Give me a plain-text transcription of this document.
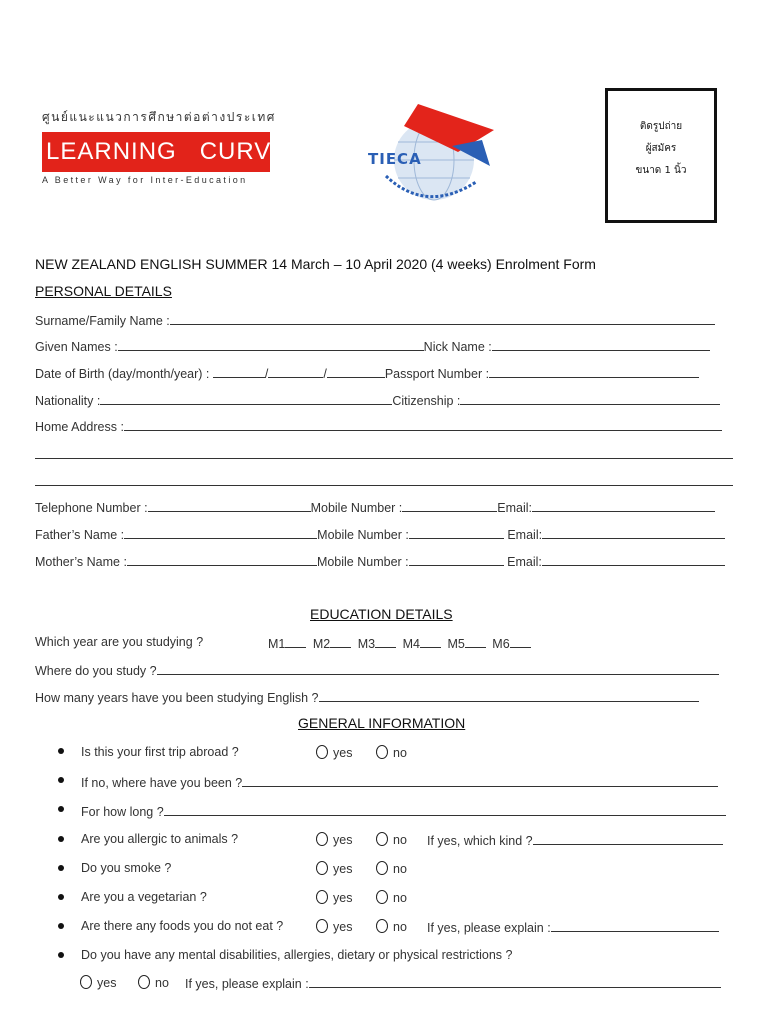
ศูนย์แนะแนวการศึกษาต่อต่างประเทศ
LEARNING   CURVE
A Better Way for Inter-Education
TIECA
ติดรูปถ่าย
ผู้สมัคร
ขนาด 1 นิ้ว
NEW ZEALAND ENGLISH SUMMER 14 March – 10 April 2020 (4 weeks) Enrolment Form
PERSONAL DETAILS
Surname/Family Name :
Given Names :	Nick Name :
Date of Birth (day/month/year) :	/	/	Passport Number :
Nationality :	Citizenship :
Home Address :
Telephone Number :	Mobile Number :	Email:
Father’s Name :	Mobile Number :	Email:
Mother’s Name :	Mobile Number :	Email:
EDUCATION DETAILS
Which year are you studying ?	M1 M2 M3 M4 M5 M6
Where do you study ?
How many years have you been studying English ?
GENERAL INFORMATION
Is this your first trip abroad ?	yes	no
If no, where have you been ?
For how long ?
Are you allergic to animals ?	yes	no If yes, which kind ?
Do you smoke ?	yes	no
Are you a vegetarian ?	yes	no
Are there any foods you do not eat ?	yes	no If yes, please explain :
Do you have any mental disabilities, allergies, dietary or physical restrictions ?
yes	no If yes, please explain :
